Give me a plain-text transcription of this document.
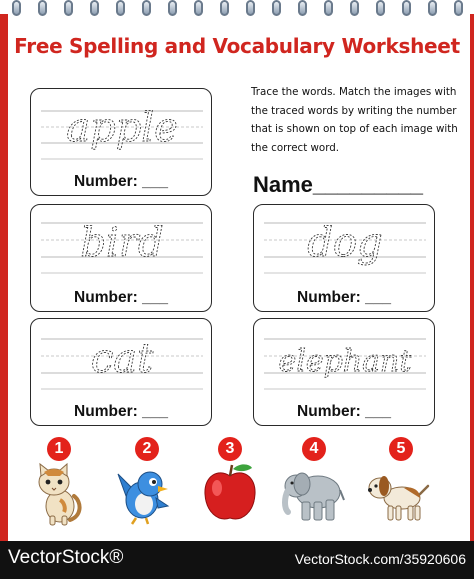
Free Spelling and Vocabulary Worksheet
Trace the words. Match the images with the traced words by writing the number that is shown on top of each image with the correct word.
Name_________
apple
Number: ___
bird
Number: ___
dog
Number: ___
cat
Number: ___
elephant
Number: ___
1	2	3	4	5
VectorStock®	VectorStock.com/35920606
